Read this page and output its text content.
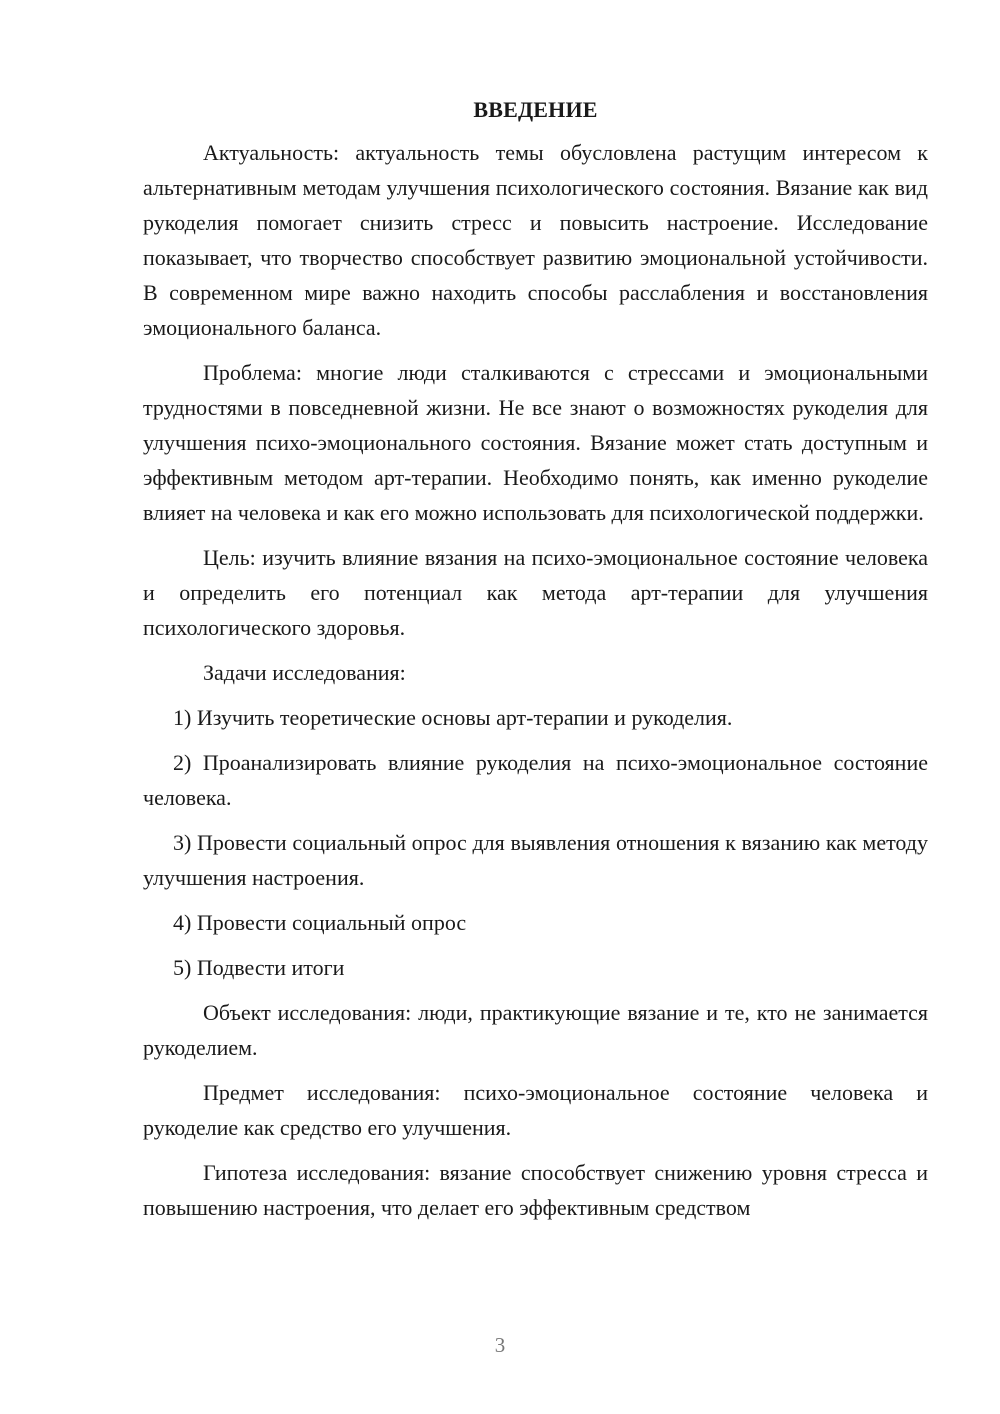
ВВЕДЕНИЕ

Актуальность: актуальность темы обусловлена растущим интересом к альтернативным методам улучшения психологического состояния. Вязание как вид рукоделия помогает снизить стресс и повысить настроение. Исследование показывает, что творчество способствует развитию эмоциональной устойчивости. В современном мире важно находить способы расслабления и восстановления эмоционального баланса.

Проблема: многие люди сталкиваются с стрессами и эмоциональными трудностями в повседневной жизни. Не все знают о возможностях рукоделия для улучшения психо-эмоционального состояния. Вязание может стать доступным и эффективным методом арт-терапии. Необходимо понять, как именно рукоделие влияет на человека и как его можно использовать для психологической поддержки.

Цель: изучить влияние вязания на психо-эмоциональное состояние человека и определить его потенциал как метода арт-терапии для улучшения психологического здоровья.

Задачи исследования:

1) Изучить теоретические основы арт-терапии и рукоделия.

2) Проанализировать влияние рукоделия на психо-эмоциональное состояние человека.

3) Провести социальный опрос для выявления отношения к вязанию как методу улучшения настроения.

4) Провести социальный опрос

5) Подвести итоги

Объект исследования: люди, практикующие вязание и те, кто не занимается рукоделием.

Предмет исследования: психо-эмоциональное состояние человека и рукоделие как средство его улучшения.

Гипотеза исследования: вязание способствует снижению уровня стресса и повышению настроения, что делает его эффективным средством

3
